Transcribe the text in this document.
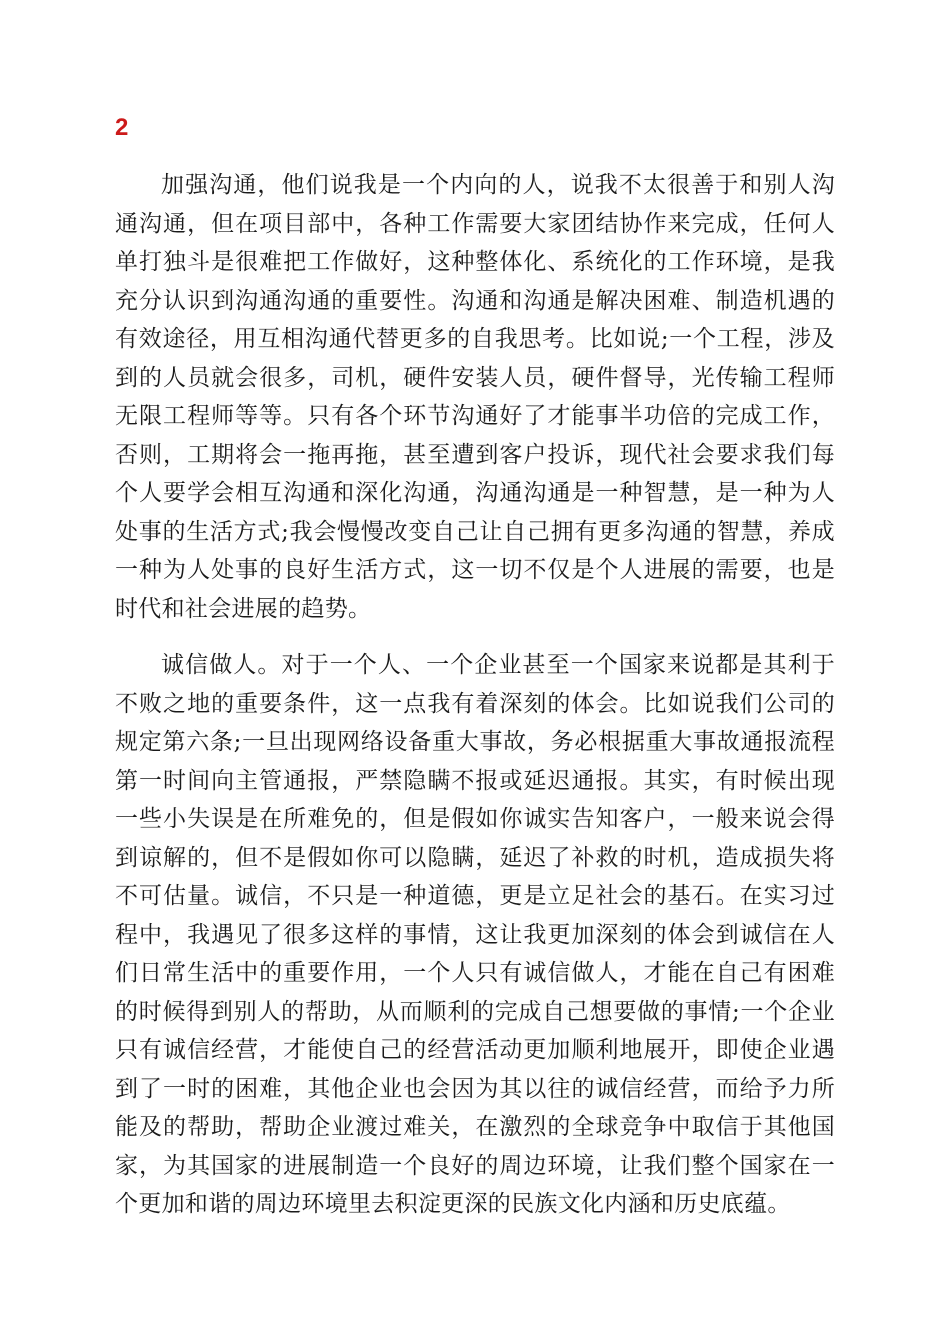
2

加强沟通，他们说我是一个内向的人，说我不太很善于和别人沟通沟通，但在项目部中，各种工作需要大家团结协作来完成，任何人单打独斗是很难把工作做好，这种整体化、系统化的工作环境，是我充分认识到沟通沟通的重要性。沟通和沟通是解决困难、制造机遇的有效途径，用互相沟通代替更多的自我思考。比如说;一个工程，涉及到的人员就会很多，司机，硬件安装人员，硬件督导，光传输工程师无限工程师等等。只有各个环节沟通好了才能事半功倍的完成工作，否则，工期将会一拖再拖，甚至遭到客户投诉，现代社会要求我们每个人要学会相互沟通和深化沟通，沟通沟通是一种智慧，是一种为人处事的生活方式;我会慢慢改变自己让自己拥有更多沟通的智慧，养成一种为人处事的良好生活方式，这一切不仅是个人进展的需要，也是时代和社会进展的趋势。

诚信做人。对于一个人、一个企业甚至一个国家来说都是其利于不败之地的重要条件，这一点我有着深刻的体会。比如说我们公司的规定第六条;一旦出现网络设备重大事故，务必根据重大事故通报流程第一时间向主管通报，严禁隐瞒不报或延迟通报。其实，有时候出现一些小失误是在所难免的，但是假如你诚实告知客户，一般来说会得到谅解的，但不是假如你可以隐瞒，延迟了补救的时机，造成损失将不可估量。诚信，不只是一种道德，更是立足社会的基石。在实习过程中，我遇见了很多这样的事情，这让我更加深刻的体会到诚信在人们日常生活中的重要作用，一个人只有诚信做人，才能在自己有困难的时候得到别人的帮助，从而顺利的完成自己想要做的事情;一个企业只有诚信经营，才能使自己的经营活动更加顺利地展开，即使企业遇到了一时的困难，其他企业也会因为其以往的诚信经营，而给予力所能及的帮助，帮助企业渡过难关，在激烈的全球竞争中取信于其他国家，为其国家的进展制造一个良好的周边环境，让我们整个国家在一个更加和谐的周边环境里去积淀更深的民族文化内涵和历史底蕴。
